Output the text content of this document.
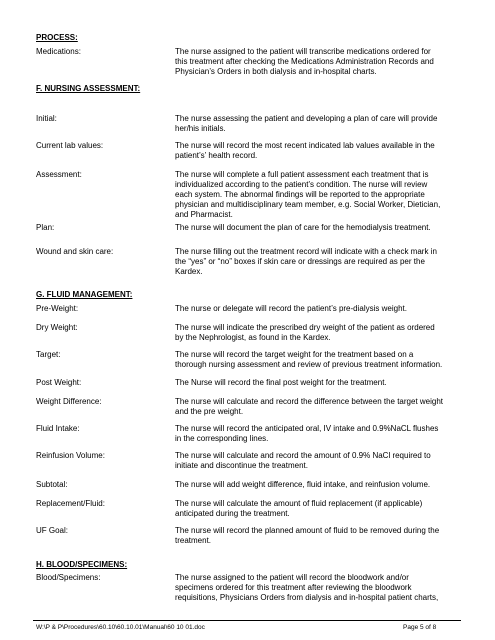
PROCESS:
F. NURSING ASSESSMENT:
G. FLUID MANAGEMENT:
H. BLOOD/SPECIMENS:
Medications:	The nurse assigned to the patient will transcribe medications ordered for
this treatment after checking the Medications Administration Records and
Physician’s Orders in both dialysis and in-hospital charts.
Initial:	The nurse assessing the patient and developing a plan of care will provide
her/his initials.
Current lab values:	The nurse will record the most recent indicated lab values available in the
patient’s’ health record.
Assessment:	The nurse will complete a full patient assessment each treatment that is
individualized according to the patient’s condition. The nurse will review
each system. The abnormal findings will be reported to the appropriate
physician and multidisciplinary team member, e.g. Social Worker, Dietician,
and Pharmacist.
Plan:	The nurse will document the plan of care for the hemodialysis treatment.
Wound and skin care:	The nurse filling out the treatment record will indicate with a check mark in
the “yes” or “no” boxes if skin care or dressings are required as per the
Kardex.
Pre-Weight:	The nurse or delegate will record the patient’s pre-dialysis weight.
Dry Weight:	The nurse will indicate the prescribed dry weight of the patient as ordered
by the Nephrologist, as found in the Kardex.
Target:	The nurse will record the target weight for the treatment based on a
thorough nursing assessment and review of previous treatment information.
Post Weight:	The Nurse will record the final post weight for the treatment.
Weight Difference:	The nurse will calculate and record the difference between the target weight
and the pre weight.
Fluid Intake:	The nurse will record the anticipated oral, IV intake and 0.9%NaCL flushes
in the corresponding lines.
Reinfusion Volume:	The nurse will calculate and record the amount of 0.9% NaCl required to
initiate and discontinue the treatment.
Subtotal:	The nurse will add weight difference, fluid intake, and reinfusion volume.
Replacement/Fluid:	The nurse will calculate the amount of fluid replacement (if applicable)
anticipated during the treatment.
UF Goal:	The nurse will record the planned amount of fluid to be removed during the
treatment.
Blood/Specimens:	The nurse assigned to the patient will record the bloodwork and/or
specimens ordered for this treatment after reviewing the bloodwork
requisitions, Physicians Orders from dialysis and in-hospital patient charts,
W:\P & P\Procedures\60.10\60.10.01\Manual\60 10 01.doc	Page 5 of 8
